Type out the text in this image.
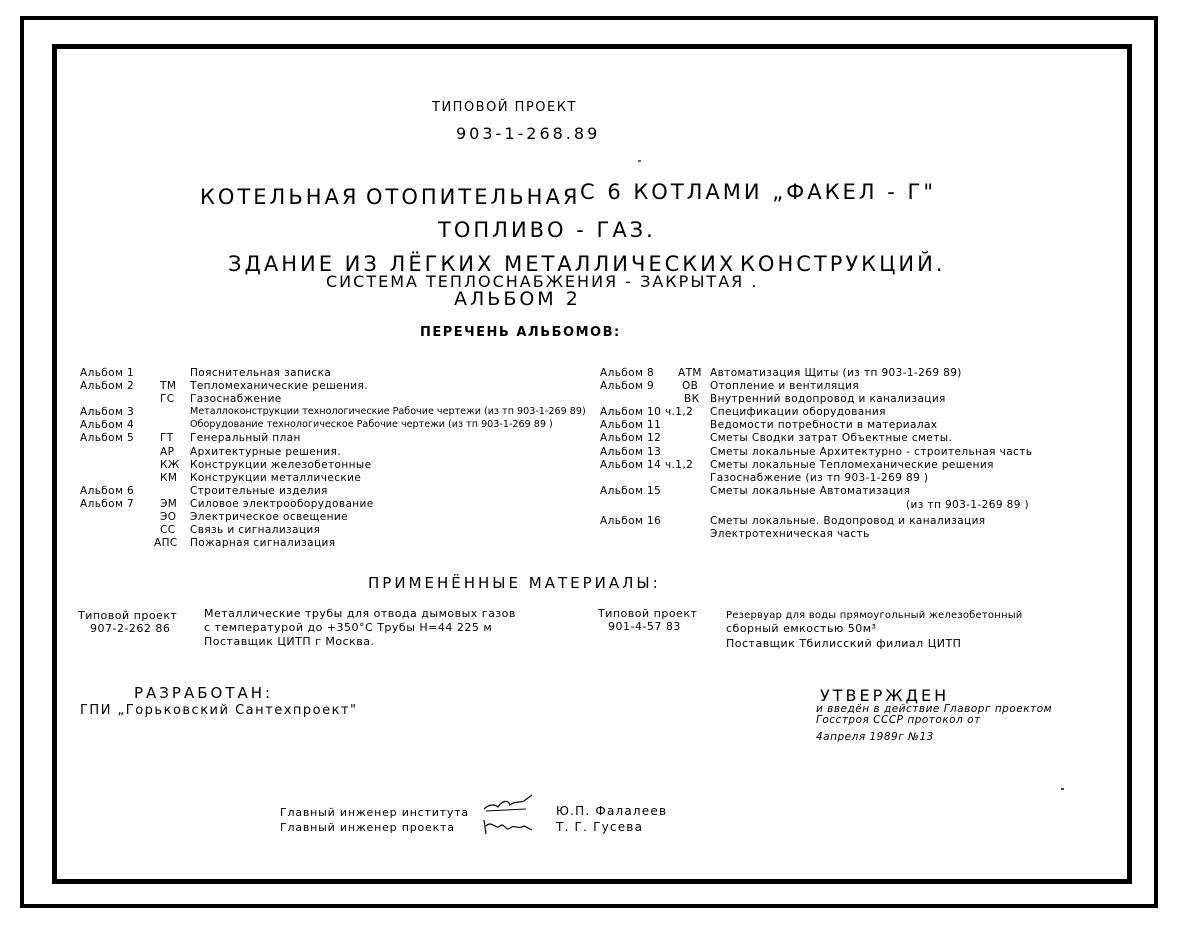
ТИПОВОЙ ПРОЕКТ
903-1-268.89
КОТЕЛЬНАЯ ОТОПИТЕЛЬНАЯ С 6 КОТЛАМИ „ФАКЕЛ - Г"
ТОПЛИВО - ГАЗ.
ЗДАНИЕ ИЗ ЛЁГКИХ МЕТАЛЛИЧЕСКИХ КОНСТРУКЦИЙ.
СИСТЕМА ТЕПЛОСНАБЖЕНИЯ - ЗАКРЫТАЯ .
АЛЬБОМ 2
ПЕРЕЧЕНЬ АЛЬБОМОВ:
Альбом 1	Пояснительная записка
Альбом 2 ТМ Тепломеханические решения.
ГС Газоснабжение
Альбом 3	Металлоконструкции технологические Рабочие чертежи (из тп 903-1-269 89)
Альбом 4	Оборудование технологическое Рабочие чертежи (из тп 903-1-269 89 )
Альбом 5 ГТ Генеральный план
АР Архитектурные решения.
КЖ Конструкции железобетонные
КМ Конструкции металлические
Альбом 6	Строительные изделия
Альбом 7 ЭМ Силовое электрооборудование
ЭО Электрическое освещение
СС Связь и сигнализация
АПС Пожарная сигнализация
Альбом 8 АТМ Автоматизация Щиты (из тп 903-1-269 89)
Альбом 9	ОВ Отопление и вентиляция
ВК Внутренний водопровод и канализация
Альбом 10 ч.1,2 Спецификации оборудования
Альбом 11	Ведомости потребности в материалах
Альбом 12	Сметы Сводки затрат Объектные сметы.
Альбом 13	Сметы локальные Архитектурно - строительная часть
Альбом 14 ч.1,2 Сметы локальные Тепломеханические решения
Газоснабжение (из тп 903-1-269 89 )
Альбом 15	Сметы локальные Автоматизация
(из тп 903-1-269 89 )
Альбом 16	Сметы локальные. Водопровод и канализация
Электротехническая часть
ПРИМЕНЁННЫЕ МАТЕРИАЛЫ:
Типовой проект
907-2-262 86
Металлические трубы для отвода дымовых газов
с температурой до +350°С Трубы Н=44 225 м
Поставщик ЦИТП г Москва.
Типовой проект
901-4-57 83
Резервуар для воды прямоугольный железобетонный
сборный емкостью 50м³
Поставщик Тбилисский филиал ЦИТП
РАЗРАБОТАН:
ГПИ „Горьковский Сантехпроект"
УТВЕРЖДЕН
и введён в действие Главорг проектом
Госстроя СССР протокол от
4апреля 1989г №13
Главный инженер института	Ю.П. Фалалеев
Главный инженер проекта	Т. Г. Гусева
